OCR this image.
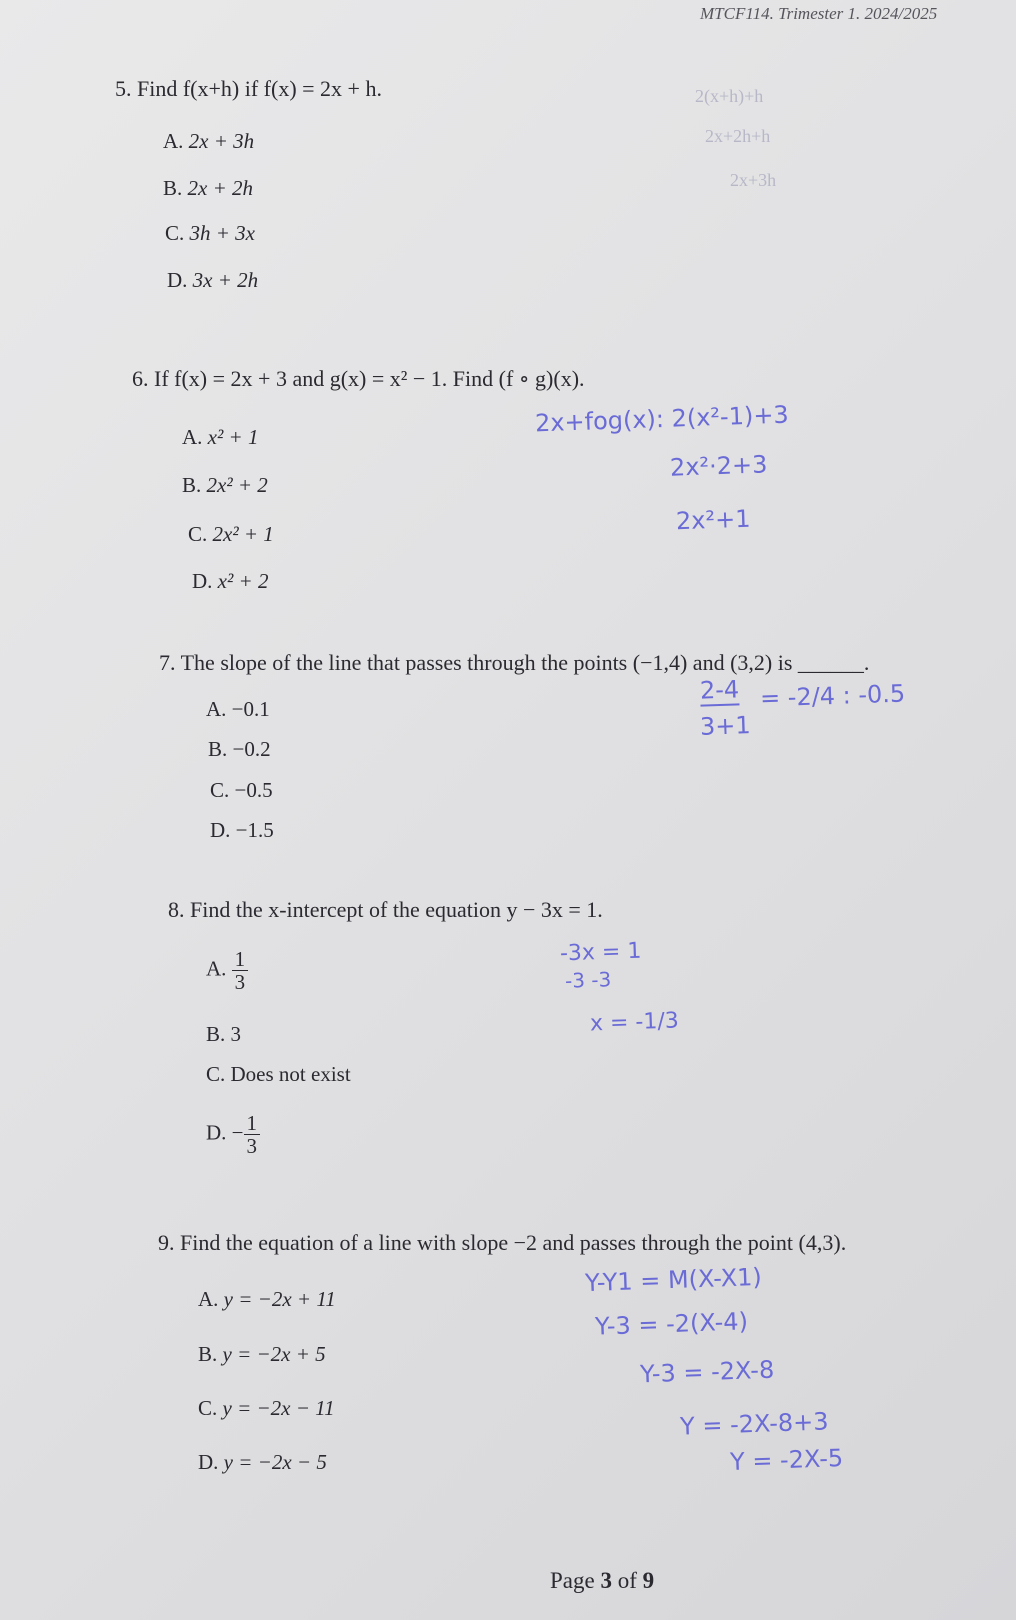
MTCF114. Trimester 1. 2024/2025
5. Find f(x+h) if f(x) = 2x + h.
A. 2x + 3h
B. 2x + 2h
C. 3h + 3x
D. 3x + 2h
2(x+h)+h
2x+2h+h
2x+3h
6. If f(x) = 2x + 3 and g(x) = x² − 1. Find (f ∘ g)(x).
A. x² + 1
B. 2x² + 2
C. 2x² + 1
D. x² + 2
2x+fog(x): 2(x²-1)+3
2x²·2+3
2x²+1
7. The slope of the line that passes through the points (−1,4) and (3,2) is ______.
A. −0.1
B. −0.2
C. −0.5
D. −1.5
2-4
3+1
= -2/4 : -0.5
8. Find the x-intercept of the equation y − 3x = 1.
A. $\frac{1}{3}$
B. 3
C. Does not exist
D. − $\frac{1}{3}$
-3x = 1
-3 -3
x = -1/3
9. Find the equation of a line with slope −2 and passes through the point (4,3).
A. y = −2x + 11
B. y = −2x + 5
C. y = −2x − 11
D. y = −2x − 5
Y-Y1 = M(X-X1)
Y-3 = -2(X-4)
Y-3 = -2X-8
Y = -2X-8+3
Y = -2X-5
Page 3 of 9
